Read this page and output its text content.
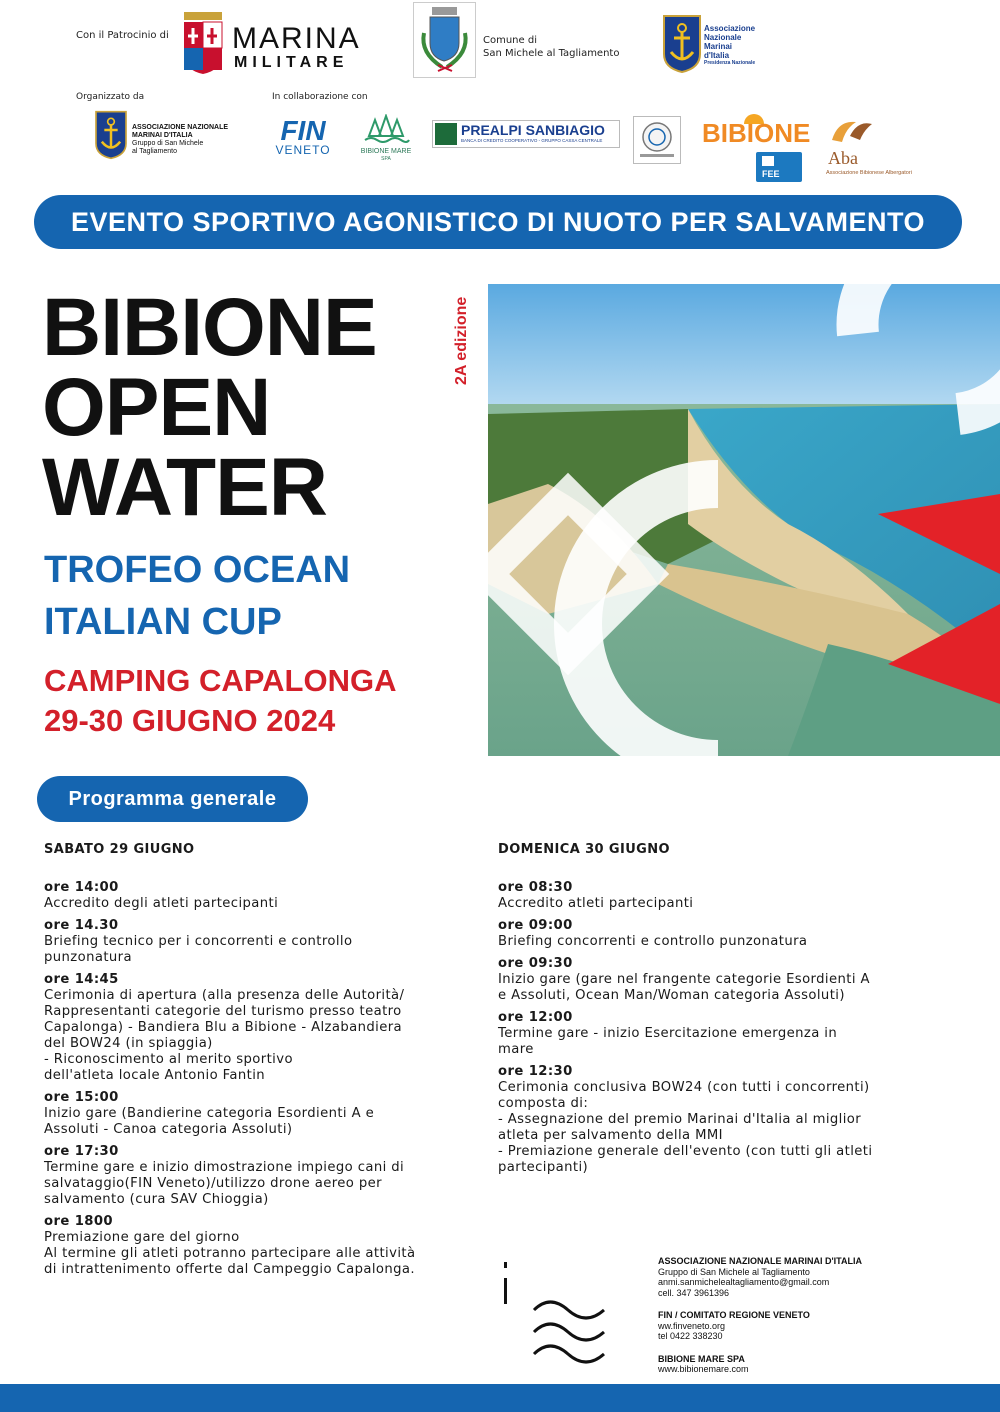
Con il Patrocinio di MARINA
MILITARE
Comune di
San Michele al Tagliamento
Associazione
Nazionale
Marinai
d'Italia
Presidenza Nazionale
Organizzato da	In collaborazione con
ASSOCIAZIONE NAZIONALE
MARINAI D'ITALIA
Gruppo di San Michele
al Tagliamento
FIN
VENETO	BIBIONE MARE
SPA
PREALPI SANBIAGIO
BANCA DI CREDITO COOPERATIVO - GRUPPO CASSA CENTRALE	BIBIONE
FEE
Aba
Associazione Bibionese Albergatori
EVENTO SPORTIVO AGONISTICO DI NUOTO PER SALVAMENTO
BIBIONE
OPEN
WATER
2A edizione
TROFEO OCEAN
ITALIAN CUP
CAMPING CAPALONGA
29-30 GIUGNO 2024
Programma generale
SABATO 29 GIUGNO
ore 14:00
Accredito degli atleti partecipanti
ore 14.30
Briefing tecnico per i concorrenti e controllo
punzonatura
ore 14:45
Cerimonia di apertura (alla presenza delle Autorità/
Rappresentanti categorie del turismo presso teatro
Capalonga) - Bandiera Blu a Bibione - Alzabandiera
del BOW24 (in spiaggia)
- Riconoscimento al merito sportivo
dell'atleta locale Antonio Fantin
ore 15:00
Inizio gare (Bandierine categoria Esordienti A e
Assoluti - Canoa categoria Assoluti)
ore 17:30
Termine gare e inizio dimostrazione impiego cani di
salvataggio(FIN Veneto)/utilizzo drone aereo per
salvamento (cura SAV Chioggia)
ore 1800
Premiazione gare del giorno
Al termine gli atleti potranno partecipare alle attività
di intrattenimento offerte dal Campeggio Capalonga.
DOMENICA 30 GIUGNO
ore 08:30
Accredito atleti partecipanti
ore 09:00
Briefing concorrenti e controllo punzonatura
ore 09:30
Inizio gare (gare nel frangente categorie Esordienti A
e Assoluti, Ocean Man/Woman categoria Assoluti)
ore 12:00
Termine gare - inizio Esercitazione emergenza in
mare
ore 12:30
Cerimonia conclusiva BOW24 (con tutti i concorrenti)
composta di:
- Assegnazione del premio Marinai d'Italia al miglior
atleta per salvamento della MMI
- Premiazione generale dell'evento (con tutti gli atleti
partecipanti)
ASSOCIAZIONE NAZIONALE MARINAI D'ITALIA
Gruppo di San Michele al Tagliamento
anmi.sanmichelealtagliamento@gmail.com
cell. 347 3961396
FIN / COMITATO REGIONE VENETO
ww.finveneto.org
tel 0422 338230
BIBIONE MARE SPA
www.bibionemare.com
